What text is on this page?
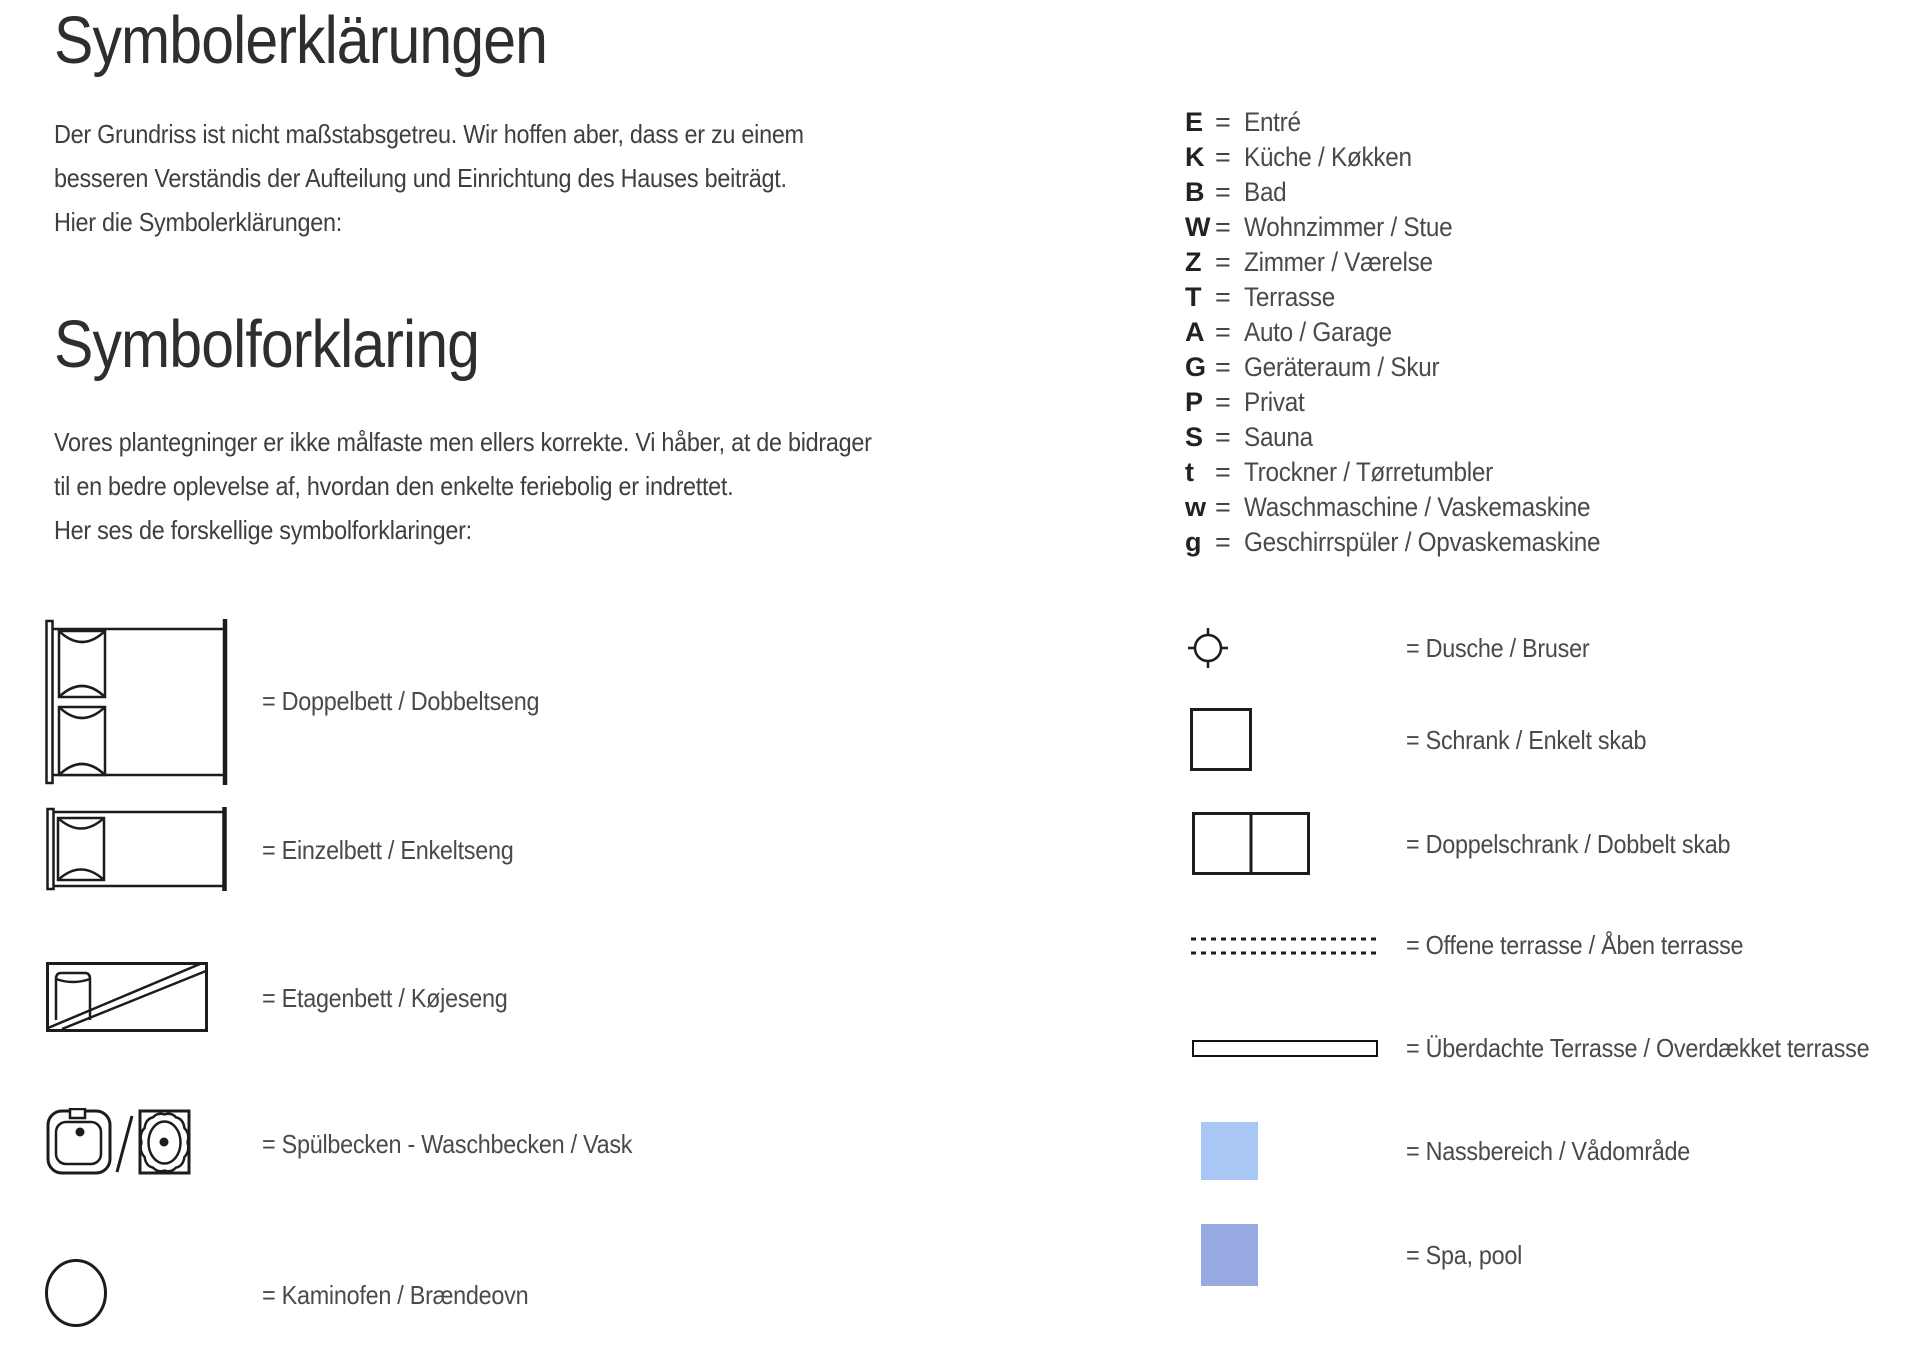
Symbolerklärungen
Der Grundriss ist nicht maßstabsgetreu. Wir hoffen aber, dass er zu einem
besseren Verständis der Aufteilung und Einrichtung des Hauses beiträgt.
Hier die Symbolerklärungen:
Symbolforklaring
Vores plantegninger er ikke målfaste men ellers korrekte. Vi håber, at de bidrager
til en bedre oplevelse af, hvordan den enkelte feriebolig er indrettet.
Her ses de forskellige symbolforklaringer:
= Doppelbett / Dobbeltseng
= Einzelbett / Enkeltseng
= Etagenbett / Køjeseng
= Spülbecken - Waschbecken / Vask
= Kaminofen / Brændeovn
E = Entré
K = Küche / Køkken
B = Bad
W = Wohnzimmer / Stue
Z = Zimmer / Værelse
T = Terrasse
A = Auto / Garage
G = Geräteraum / Skur
P = Privat
S = Sauna
t = Trockner / Tørretumbler
w = Waschmaschine / Vaskemaskine
g = Geschirrspüler / Opvaskemaskine
= Dusche / Bruser
= Schrank / Enkelt skab
= Doppelschrank / Dobbelt skab
= Offene terrasse / Åben terrasse
= Überdachte Terrasse / Overdækket terrasse
= Nassbereich / Vådområde
= Spa, pool
